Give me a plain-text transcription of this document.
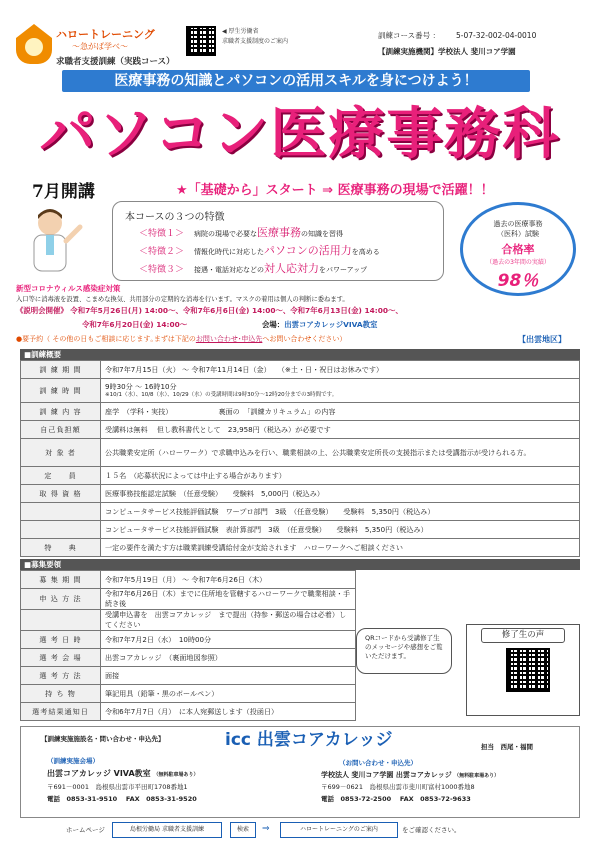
ハロートレーニング
〜急がば学べ〜
求職者支援訓練（実践コース）
◀ 厚生労働省
求職者支援制度のご案内
訓練コース番号 ： 5-07-32-002-04-0010
【訓練実施機関】学校法人 斐川コア学園
医療事務の知識とパソコンの活用スキルを身につけよう！
パソコン医療事務科
7月開講	★「基礎から」スタート ⇒ 医療事務の現場で活躍！！
本コースの３つの特徴
＜特徴１＞ 病院の現場で必要な医療事務の知識を習得
＜特徴２＞ 情報化時代に対応したパソコンの活用力を高める
＜特徴３＞ 接遇・電話対応などの対人応対力をパワーアップ
過去の医療事務
（医科）試験
合格率
（過去の3年間の実績）
98％
新型コロナウィルス感染症対策
入口等に消毒液を設置、こまめな換気、共用部分の定期的な消毒を行います。マスクの着用は個人の判断に委ねます。
《説明会開催》 令和7年5月26日(月) 14:00～、令和7年6月6日(金) 14:00～、令和7年6月13日(金) 14:00～、
令和7年6月20日(金) 14:00～	会場：出雲コアカレッジVIVA教室
●要予約（ その他の日もご相談に応じます｡まずは下記のお問い合わせ･申込先へお問い合わせください）	【出雲地区】
■訓練概要
訓 練 期 間	令和7年7月15日（火） ～ 令和7年11月14日（金）　　（※土・日・祝日はお休みです）
訓 練 時 間	9時30分 ～ 16時10分
※10/1（水）、10/8（水）、10/29（水）の受講時間は9時30分～12時20分までの3時間です。

訓 練 内 容	座学　（学科・実技）　　　　　　　裏面の　「訓練カリキュラム」の内容
自己負担額	受講料は無料　 但し教科書代として　23,958円（税込み）が必要です
対 象 者	公共職業安定所（ハローワーク）で求職申込みを行い、職業相談の上、公共職業安定所長の支援指示または受講指示が受けられる方。
定　　員	１５名　（応募状況によっては中止する場合があります）
取 得 資 格	医療事務技能認定試験　（任意受験）　　受験料　5,000円（税込み）
	コンピュータサービス技能評価試験　ワープロ部門　3級　（任意受験）　　受験料　5,350円（税込み）
	コンピュータサービス技能評価試験　表計算部門　3級　（任意受験）　　受験料　5,350円（税込み）
特　　典	一定の要件を満たす方は職業訓練受講給付金が支給されます　ハローワークへご相談ください
■募集要領
募 集 期 間	令和7年5月19日（月） ～ 令和7年6月26日（木）
申 込 方 法	令和7年6月26日（木）までに住所地を管轄するハローワークで職業相談・手続き後
	受講申込書を　出雲コアカレッジ　まで提出（持参・郵送の場合は必着）してください
選 考 日 時	令和7年7月2日（水）　10時00分
選 考 会 場	出雲コアカレッジ　（裏面地図参照）
選 考 方 法	面接
持 ち 物	筆記用具（鉛筆・黒のボールペン）
選考結果通知日	令和6年7月7日（月）　に本人宛郵送します（投函日）
QRコードから受講修了生のメッセージや感想をご覧いただけます。
修了生の声
【訓練実施施設名・問い合わせ・申込先】	icc 出雲コアカレッジ	担当　西尾・福間
（訓練実施会場）
出雲コアカレッジ VIVA教室 （無料駐車場あり）
〒691－0001　島根県出雲市平田町1708番地1
電話　0853-31-9510　 FAX　0853-31-9520
（お問い合わせ・申込先）
学校法人 斐川コア学園 出雲コアカレッジ （無料駐車場あり）
〒699－0621　島根県出雲市斐川町富村1000番地8
電話　0853-72-2500　 FAX　0853-72-9633
ホームページ	島根労働局 求職者支援訓練	検索	⇒	ハロートレーニングのご案内	をご確認ください。
